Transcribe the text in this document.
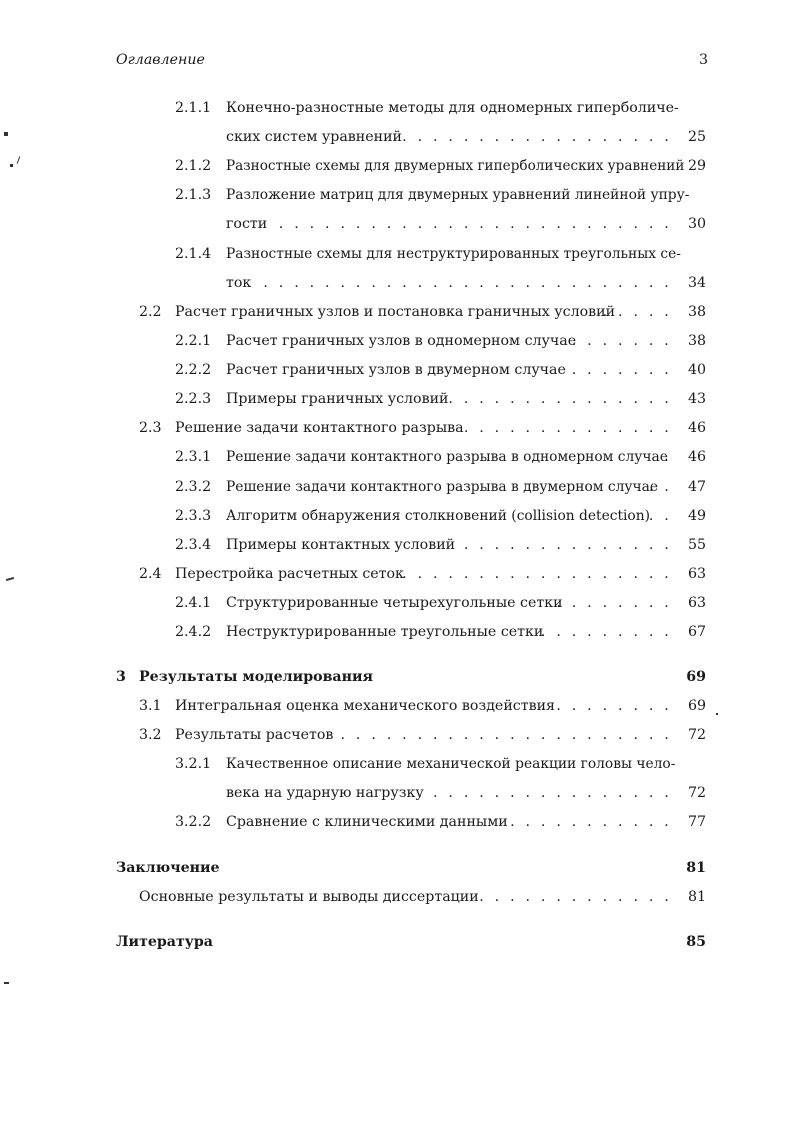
Оглавление	3
2.1.1 Конечно-разностные методы для одномерных гиперболиче-
ских систем уравнений . . .	25
2.1.2 Разностные схемы для двумерных гиперболических уравнений 29
2.1.3 Разложение матриц для двумерных уравнений линейной упру-
гости . . .	30
2.1.4 Разностные схемы для неструктурированных треугольных се-
ток . . .	34
2.2 Расчет граничных узлов и постановка граничных условий . . .	38
2.2.1 Расчет граничных узлов в одномерном случае . . .	38
2.2.2 Расчет граничных узлов в двумерном случае . . .	40
2.2.3 Примеры граничных условий . . .	43
2.3 Решение задачи контактного разрыва . . .	46
2.3.1 Решение задачи контактного разрыва в одномерном случае . . . 46
2.3.2 Решение задачи контактного разрыва в двумерном случае . . . 47
2.3.3 Алгоритм обнаружения столкновений (collision detection) . . .	49
2.3.4 Примеры контактных условий . . .	55
2.4 Перестройка расчетных сеток . . .	63
2.4.1 Структурированные четырехугольные сетки . . .	63
2.4.2 Неструктурированные треугольные сетки . . .	67
3 Результаты моделирования	69
3.1 Интегральная оценка механического воздействия . . .	69
3.2 Результаты расчетов . . .	72
3.2.1 Качественное описание механической реакции головы чело-
века на ударную нагрузку . . .	72
3.2.2 Сравнение с клиническими данными . . .	77
Заключение	81
Основные результаты и выводы диссертации . . .	81
Литература	85
